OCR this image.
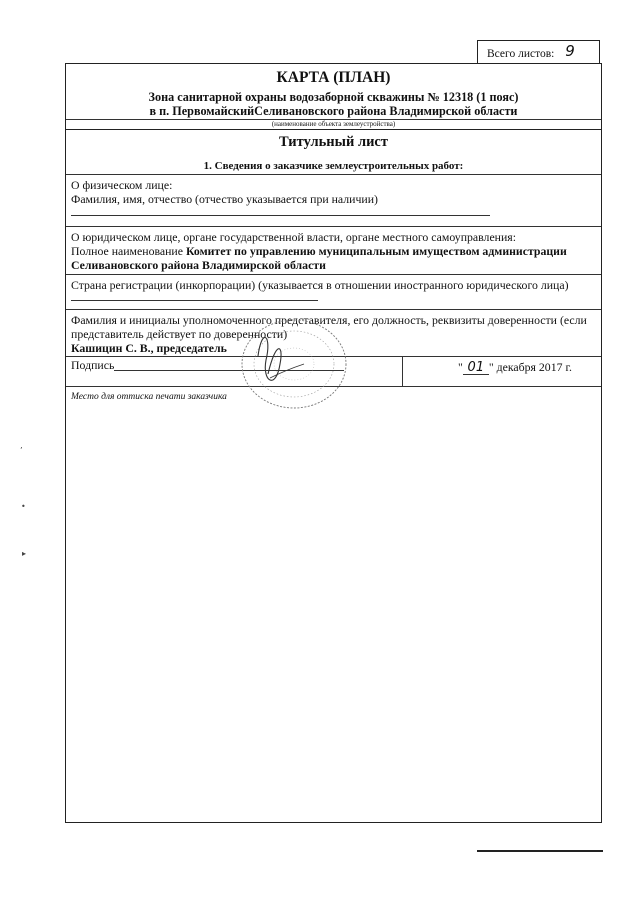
Всего листов: 9
КАРТА (ПЛАН)
Зона санитарной охраны водозаборной скважины № 12318 (1 пояс)
в п. ПервомайскийСеливановского района Владимирской области
(наименование объекта землеустройства)
Титульный лист
1. Сведения о заказчике землеустроительных работ:
О физическом лице:
Фамилия, имя, отчество (отчество указывается при наличии)
О юридическом лице, органе государственной власти, органе местного самоуправления:
Полное наименование Комитет по управлению муниципальным имуществом администрации
Селивановского района Владимирской области
Страна регистрации (инкорпорации) (указывается в отношении иностранного юридического лица)
Фамилия и инициалы уполномоченного представителя, его должность, реквизиты доверенности (если представитель действует по доверенности)
Кашицин С. В., председатель
Подпись	" 01 " декабря 2017 г.
Место для оттиска печати заказчика
’
•
▸
